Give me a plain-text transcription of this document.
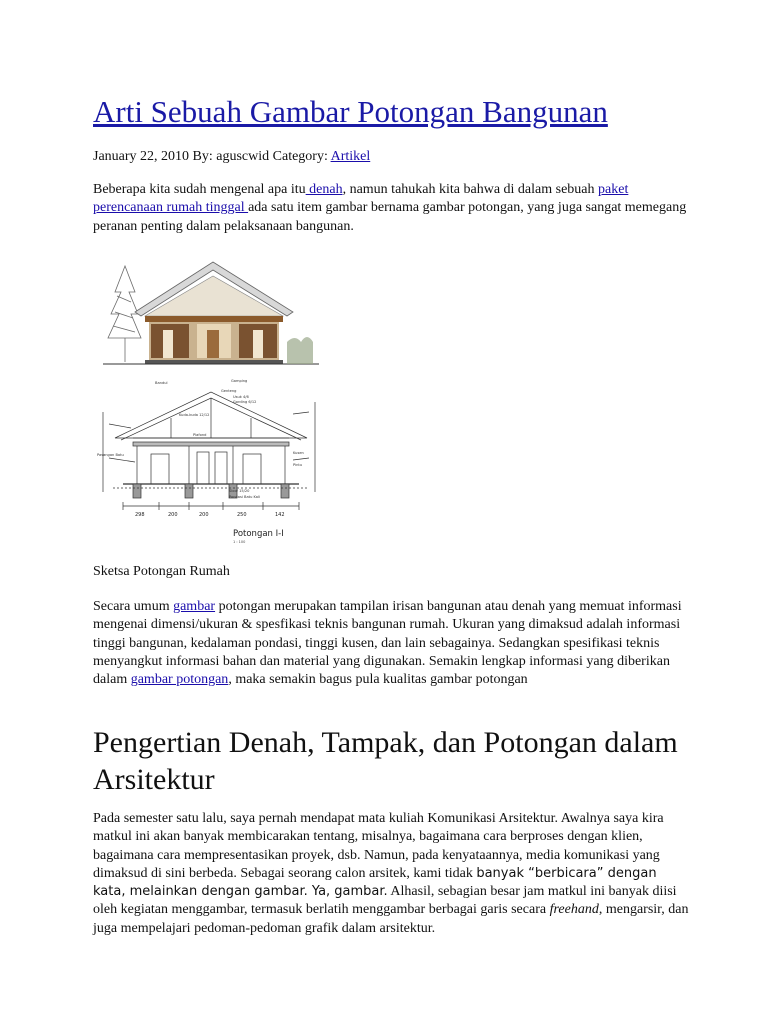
Arti Sebuah Gambar Potongan Bangunan

January 22, 2010 By: aguscwid Category: Artikel

Beberapa kita sudah mengenal apa itu denah, namun tahukah kita bahwa di dalam sebuah paket perencanaan rumah tinggal ada satu item gambar bernama gambar potongan, yang juga sangat memegang peranan penting dalam pelaksanaan bangunan.

Bandul	Gamping
Genteng
Usuk 4/6
Gording 6/12
Kuda-kuda 12/12
Plafond
Kusen
Pintu
Pasangan Batu
Sloof 15/20
Pondasi Batu Kali
298	200	200	250	142
Potongan I-I
1 : 100

Sketsa Potongan Rumah

Secara umum gambar potongan merupakan tampilan irisan bangunan atau denah yang memuat informasi mengenai dimensi/ukuran & spesfikasi teknis bangunan rumah. Ukuran yang dimaksud adalah informasi tinggi bangunan, kedalaman pondasi, tinggi kusen, dan lain sebagainya. Sedangkan spesifikasi teknis menyangkut informasi bahan dan material yang digunakan. Semakin lengkap informasi yang diberikan dalam gambar potongan, maka semakin bagus pula kualitas gambar potongan

Pengertian Denah, Tampak, dan Potongan dalam Arsitektur

Pada semester satu lalu, saya pernah mendapat mata kuliah Komunikasi Arsitektur. Awalnya saya kira matkul ini akan banyak membicarakan tentang, misalnya, bagaimana cara berproses dengan klien, bagaimana cara mempresentasikan proyek, dsb. Namun, pada kenyataannya, media komunikasi yang dimaksud di sini berbeda. Sebagai seorang calon arsitek, kami tidak banyak “berbicara” dengan kata, melainkan dengan gambar. Ya, gambar. Alhasil, sebagian besar jam matkul ini banyak diisi oleh kegiatan menggambar, termasuk berlatih menggambar berbagai garis secara freehand, mengarsir, dan juga mempelajari pedoman-pedoman grafik dalam arsitektur.
